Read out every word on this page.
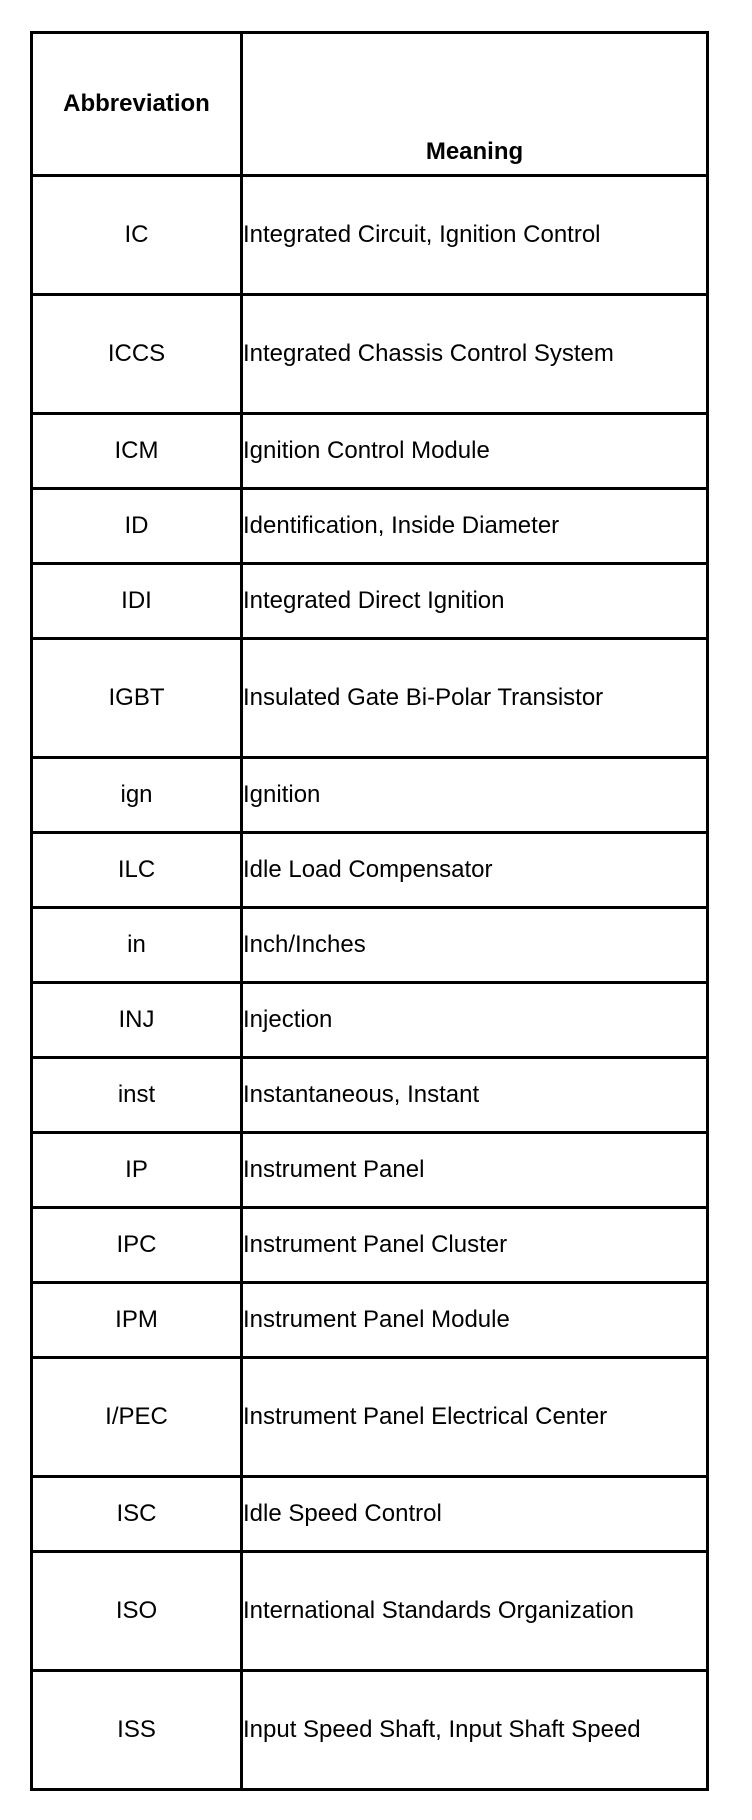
Abbreviation	Meaning
IC	Integrated Circuit, Ignition Control
ICCS	Integrated Chassis Control System
ICM	Ignition Control Module
ID	Identification, Inside Diameter
IDI	Integrated Direct Ignition
IGBT	Insulated Gate Bi-Polar Transistor
ign	Ignition
ILC	Idle Load Compensator
in	Inch/Inches
INJ	Injection
inst	Instantaneous, Instant
IP	Instrument Panel
IPC	Instrument Panel Cluster
IPM	Instrument Panel Module
I/PEC	Instrument Panel Electrical Center
ISC	Idle Speed Control
ISO	International Standards Organization
ISS	Input Speed Shaft, Input Shaft Speed
